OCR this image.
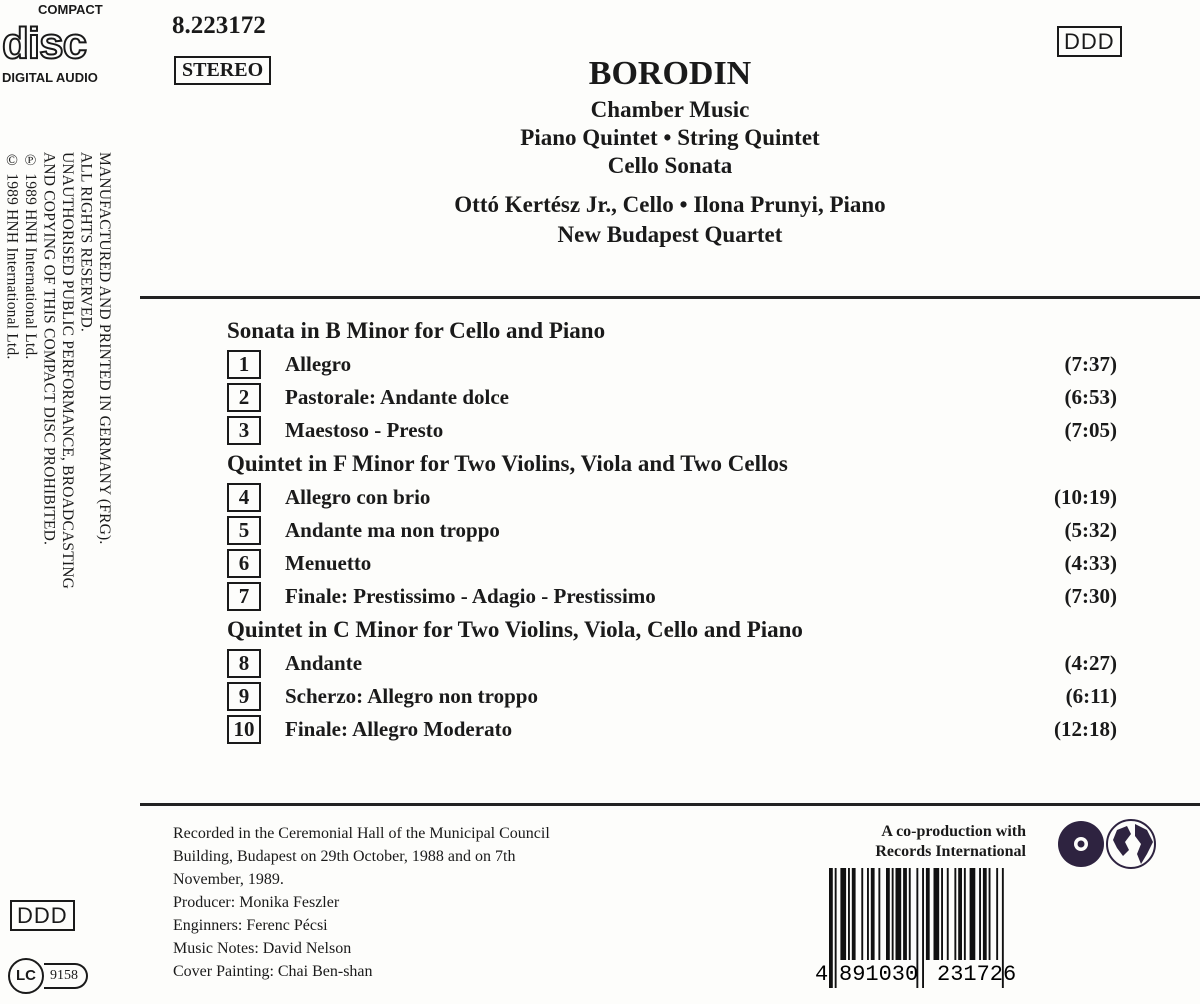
COMPACT
disc
DIGITAL AUDIO
8.223172
STEREO
DDD
BORODIN
Chamber Music
Piano Quintet • String Quintet
Cello Sonata
Ottó Kertész Jr., Cello • Ilona Prunyi, Piano
New Budapest Quartet
MANUFACTURED AND PRINTED IN GERMANY (FRG).
ALL RIGHTS RESERVED.
UNAUTHORISED PUBLIC PERFORMANCE, BROADCASTING
AND COPYING OF THIS COMPACT DISC PROHIBITED.
℗ 1989 HNH International Ltd.
© 1989 HNH International Ltd.	Sonata in B Minor for Cello and Piano
1	Allegro	(7:37)
2	Pastorale: Andante dolce	(6:53)
3	Maestoso - Presto	(7:05)
Quintet in F Minor for Two Violins, Viola and Two Cellos
4	Allegro con brio	(10:19)
5	Andante ma non troppo	(5:32)
6	Menuetto	(4:33)
7	Finale: Prestissimo - Adagio - Prestissimo	(7:30)
Quintet in C Minor for Two Violins, Viola, Cello and Piano
8	Andante	(4:27)
9	Scherzo: Allegro non troppo	(6:11)
10	Finale: Allegro Moderato	(12:18)
Recorded in the Ceremonial Hall of the Municipal Council
Building, Budapest on 29th October, 1988 and on 7th
November, 1989.
Producer: Monika Feszler
Enginners: Ferenc Pécsi
Music Notes: David Nelson
Cover Painting: Chai Ben-shan
A co-production with
Records International
4 891030 231726
DDD
LC	9158
